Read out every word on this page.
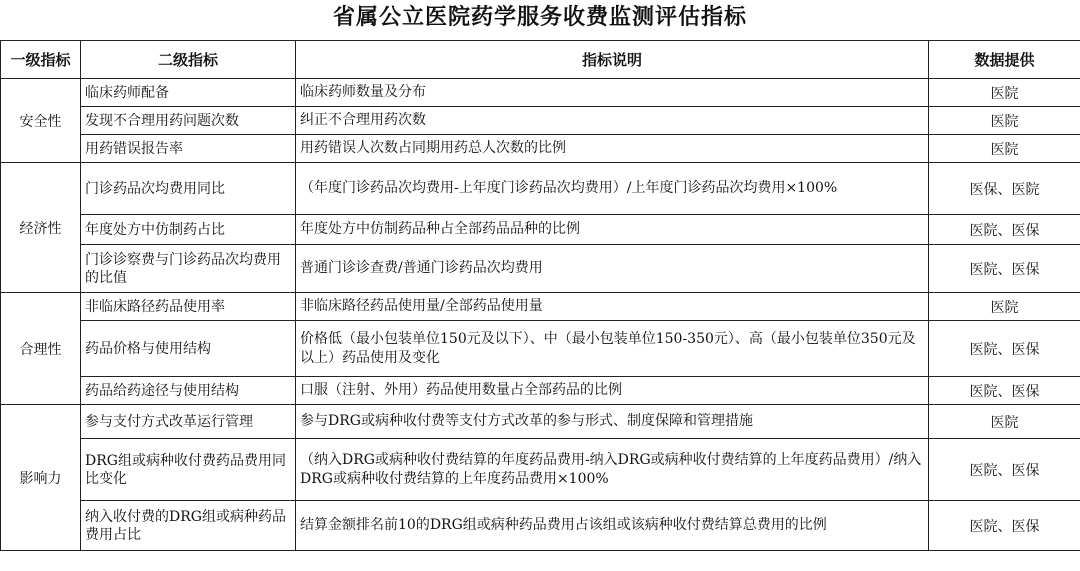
省属公立医院药学服务收费监测评估指标
一级指标	二级指标	指标说明	数据提供
安全性	临床药师配备	临床药师数量及分布	医院
	发现不合理用药问题次数	纠正不合理用药次数	医院
	用药错误报告率	用药错误人次数占同期用药总人次数的比例	医院
经济性	门诊药品次均费用同比	（年度门诊药品次均费用-上年度门诊药品次均费用）/上年度门诊药品次均费用×100%	医保、医院
	年度处方中仿制药占比	年度处方中仿制药品种占全部药品品种的比例	医院、医保
	门诊诊察费与门诊药品次均费用的比值	普通门诊诊查费/普通门诊药品次均费用	医院、医保
合理性	非临床路径药品使用率	非临床路径药品使用量/全部药品使用量	医院
	药品价格与使用结构	价格低（最小包装单位150元及以下）、中（最小包装单位150-350元）、高（最小包装单位350元及以上）药品使用及变化	医院、医保
	药品给药途径与使用结构	口服（注射、外用）药品使用数量占全部药品的比例	医院、医保
影响力	参与支付方式改革运行管理	参与DRG或病种收付费等支付方式改革的参与形式、制度保障和管理措施	医院
	DRG组或病种收付费药品费用同比变化	（纳入DRG或病种收付费结算的年度药品费用-纳入DRG或病种收付费结算的上年度药品费用）/纳入DRG或病种收付费结算的上年度药品费用×100%	医院、医保
	纳入收付费的DRG组或病种药品费用占比	结算金额排名前10的DRG组或病种药品费用占该组或该病种收付费结算总费用的比例	医院、医保
